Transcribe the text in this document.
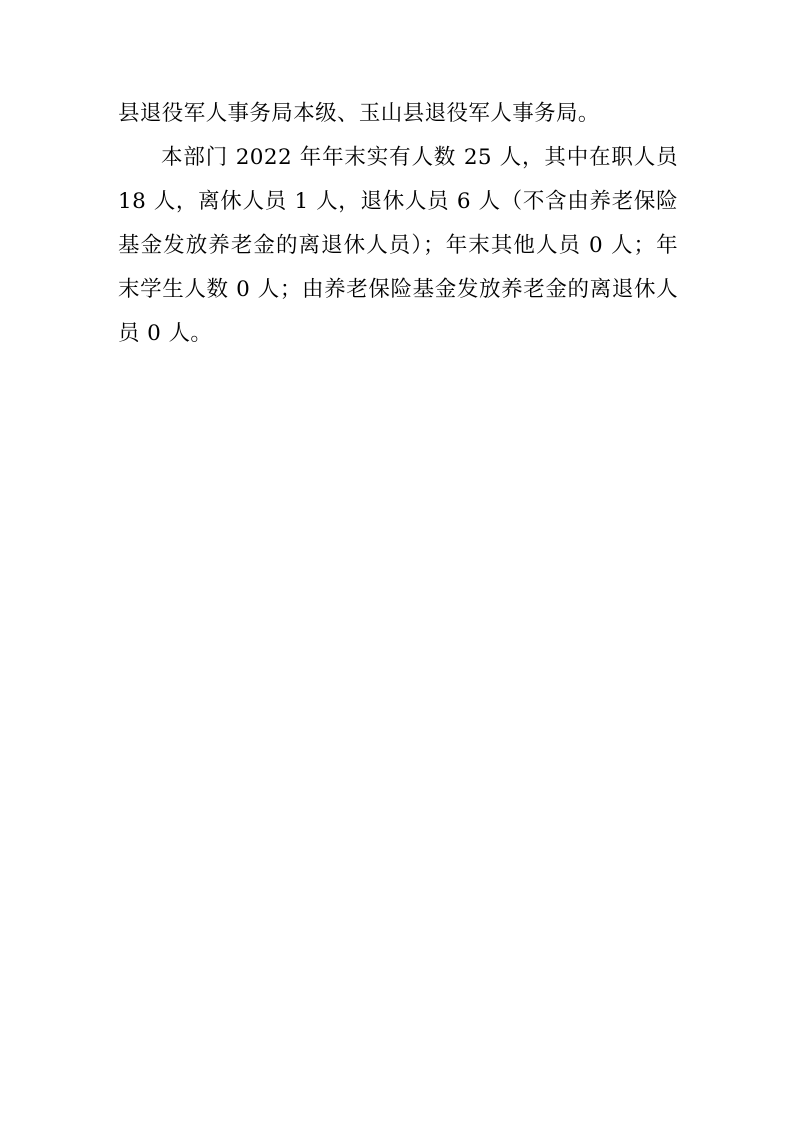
县退役军人事务局本级、玉山县退役军人事务局。

本部门 2022 年年末实有人数 25 人，其中在职人员 18 人，离休人员 1 人，退休人员 6 人（不含由养老保险基金发放养老金的离退休人员）；年末其他人员 0 人；年末学生人数 0 人；由养老保险基金发放养老金的离退休人员 0 人。
